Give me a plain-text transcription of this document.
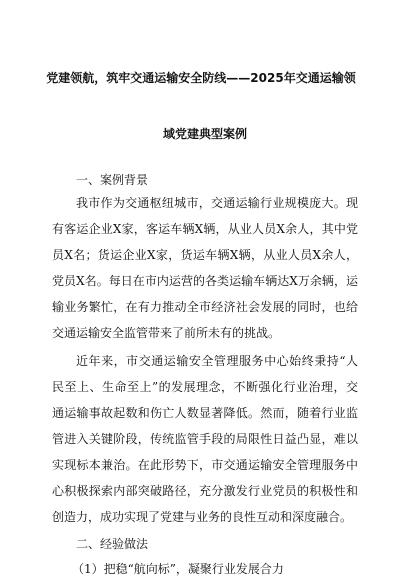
党建领航，筑牢交通运输安全防线——2025年交通运输领
域党建典型案例
一、案例背景

我市作为交通枢纽城市，交通运输行业规模庞大。现有客运企业X家，客运车辆X辆，从业人员X余人，其中党员X名；货运企业X家，货运车辆X辆，从业人员X余人，党员X名。每日在市内运营的各类运输车辆达X万余辆，运输业务繁忙，在有力推动全市经济社会发展的同时，也给交通运输安全监管带来了前所未有的挑战。

近年来，市交通运输安全管理服务中心始终秉持“人民至上、生命至上”的发展理念，不断强化行业治理，交通运输事故起数和伤亡人数显著降低。然而，随着行业监管进入关键阶段，传统监管手段的局限性日益凸显，难以实现标本兼治。在此形势下，市交通运输安全管理服务中心积极探索内部突破路径，充分激发行业党员的积极性和创造力，成功实现了党建与业务的良性互动和深度融合。

二、经验做法
（1）把稳“航向标”，凝聚行业发展合力
